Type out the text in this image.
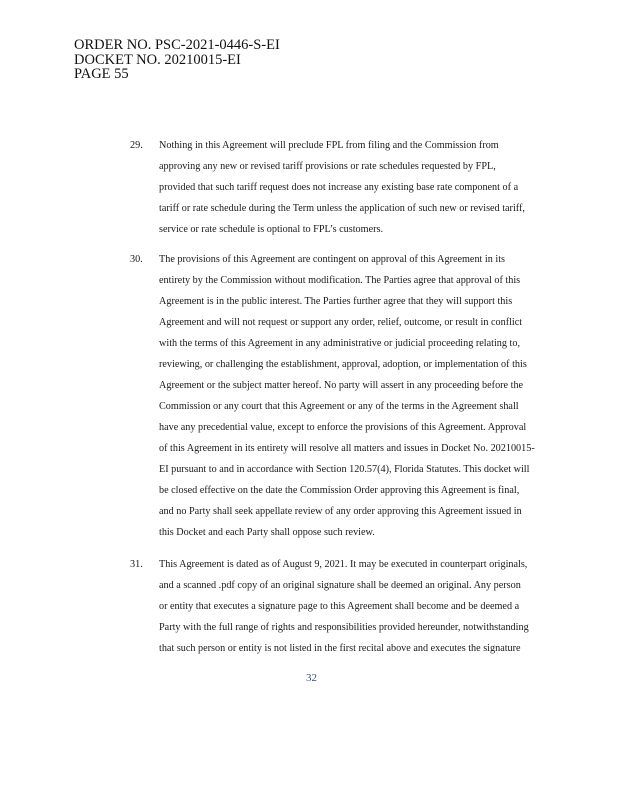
ORDER NO. PSC-2021-0446-S-EI
DOCKET NO. 20210015-EI
PAGE 55
29. Nothing in this Agreement will preclude FPL from filing and the Commission from
approving any new or revised tariff provisions or rate schedules requested by FPL,
provided that such tariff request does not increase any existing base rate component of a
tariff or rate schedule during the Term unless the application of such new or revised tariff,
service or rate schedule is optional to FPL’s customers.
30. The provisions of this Agreement are contingent on approval of this Agreement in its
entirety by the Commission without modification. The Parties agree that approval of this
Agreement is in the public interest. The Parties further agree that they will support this
Agreement and will not request or support any order, relief, outcome, or result in conflict
with the terms of this Agreement in any administrative or judicial proceeding relating to,
reviewing, or challenging the establishment, approval, adoption, or implementation of this
Agreement or the subject matter hereof. No party will assert in any proceeding before the
Commission or any court that this Agreement or any of the terms in the Agreement shall
have any precedential value, except to enforce the provisions of this Agreement. Approval
of this Agreement in its entirety will resolve all matters and issues in Docket No. 20210015-
EI pursuant to and in accordance with Section 120.57(4), Florida Statutes. This docket will
be closed effective on the date the Commission Order approving this Agreement is final,
and no Party shall seek appellate review of any order approving this Agreement issued in
this Docket and each Party shall oppose such review.
31. This Agreement is dated as of August 9, 2021. It may be executed in counterpart originals,
and a scanned .pdf copy of an original signature shall be deemed an original. Any person
or entity that executes a signature page to this Agreement shall become and be deemed a
Party with the full range of rights and responsibilities provided hereunder, notwithstanding
that such person or entity is not listed in the first recital above and executes the signature
32
